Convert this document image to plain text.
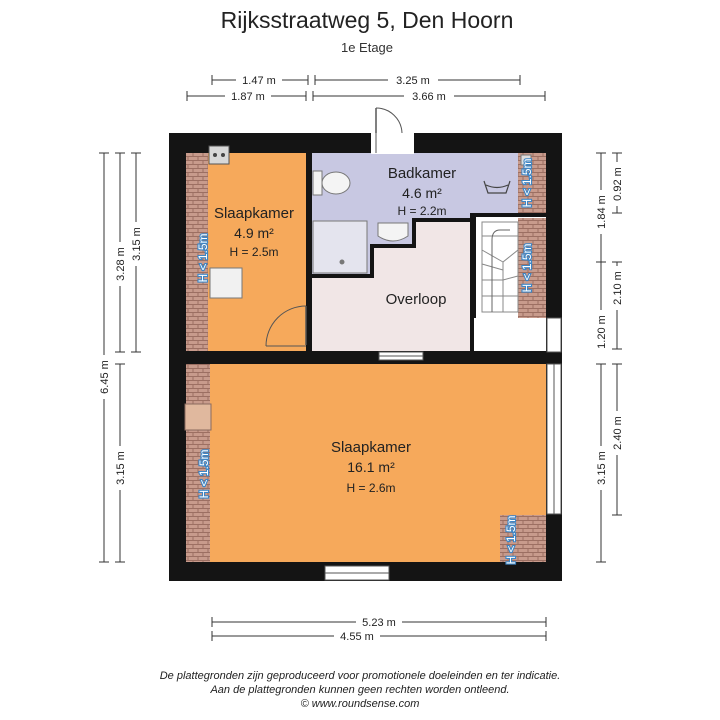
Rijksstraatweg 5, Den Hoorn
1e Etage
1.47 m	3.25 m
1.87 m	3.66 m
6.45 m
3.28 m
3.15 m
3.15 m
1.84 m
0.92 m
2.10 m
1.20 m
3.15 m
2.40 m
5.23 m
4.55 m
H < 1.5m
H < 1.5m
H < 1.5m
H < 1.5m
H < 1.5m
Slaapkamer
4.9 m²
H = 2.5m
Badkamer
4.6 m²
H = 2.2m
Overloop
Slaapkamer
16.1 m²
H = 2.6m
De plattegronden zijn geproduceerd voor promotionele doeleinden en ter indicatie.
Aan de plattegronden kunnen geen rechten worden ontleend.
© www.roundsense.com
